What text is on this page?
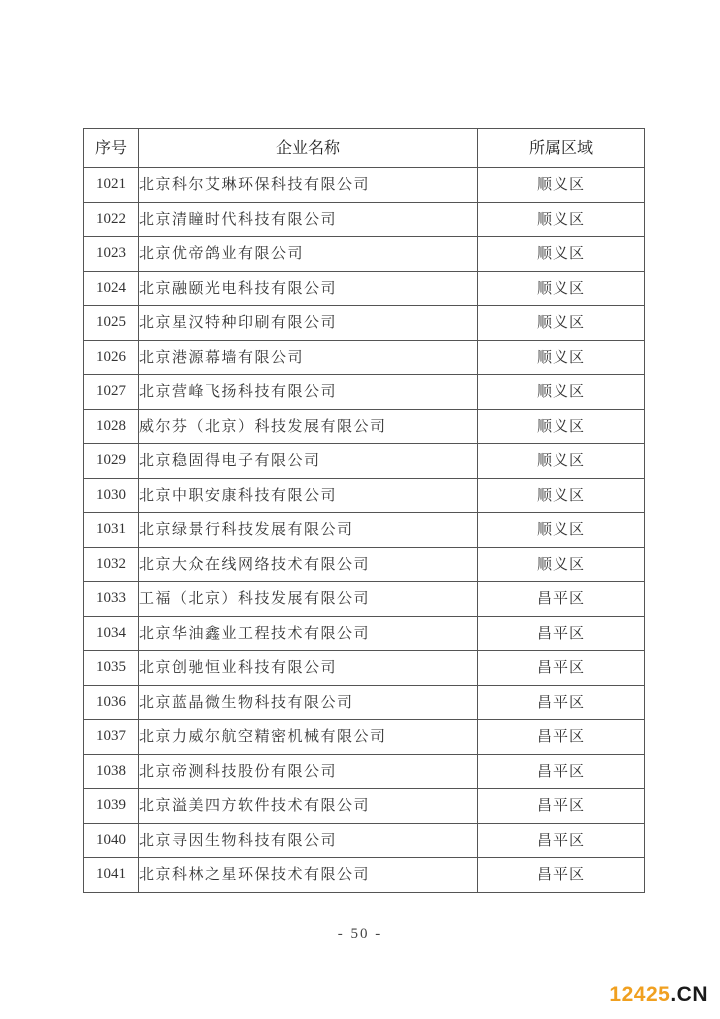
序号	企业名称	所属区域
1021	北京科尔艾琳环保科技有限公司	顺义区
1022	北京清瞳时代科技有限公司	顺义区
1023	北京优帝鸽业有限公司	顺义区
1024	北京融颐光电科技有限公司	顺义区
1025	北京星汉特种印刷有限公司	顺义区
1026	北京港源幕墙有限公司	顺义区
1027	北京营峰飞扬科技有限公司	顺义区
1028	威尔芬（北京）科技发展有限公司	顺义区
1029	北京稳固得电子有限公司	顺义区
1030	北京中职安康科技有限公司	顺义区
1031	北京绿景行科技发展有限公司	顺义区
1032	北京大众在线网络技术有限公司	顺义区
1033	工福（北京）科技发展有限公司	昌平区
1034	北京华油鑫业工程技术有限公司	昌平区
1035	北京创驰恒业科技有限公司	昌平区
1036	北京蓝晶微生物科技有限公司	昌平区
1037	北京力威尔航空精密机械有限公司	昌平区
1038	北京帝测科技股份有限公司	昌平区
1039	北京溢美四方软件技术有限公司	昌平区
1040	北京寻因生物科技有限公司	昌平区
1041	北京科林之星环保技术有限公司	昌平区
- 50 -
12425.CN
